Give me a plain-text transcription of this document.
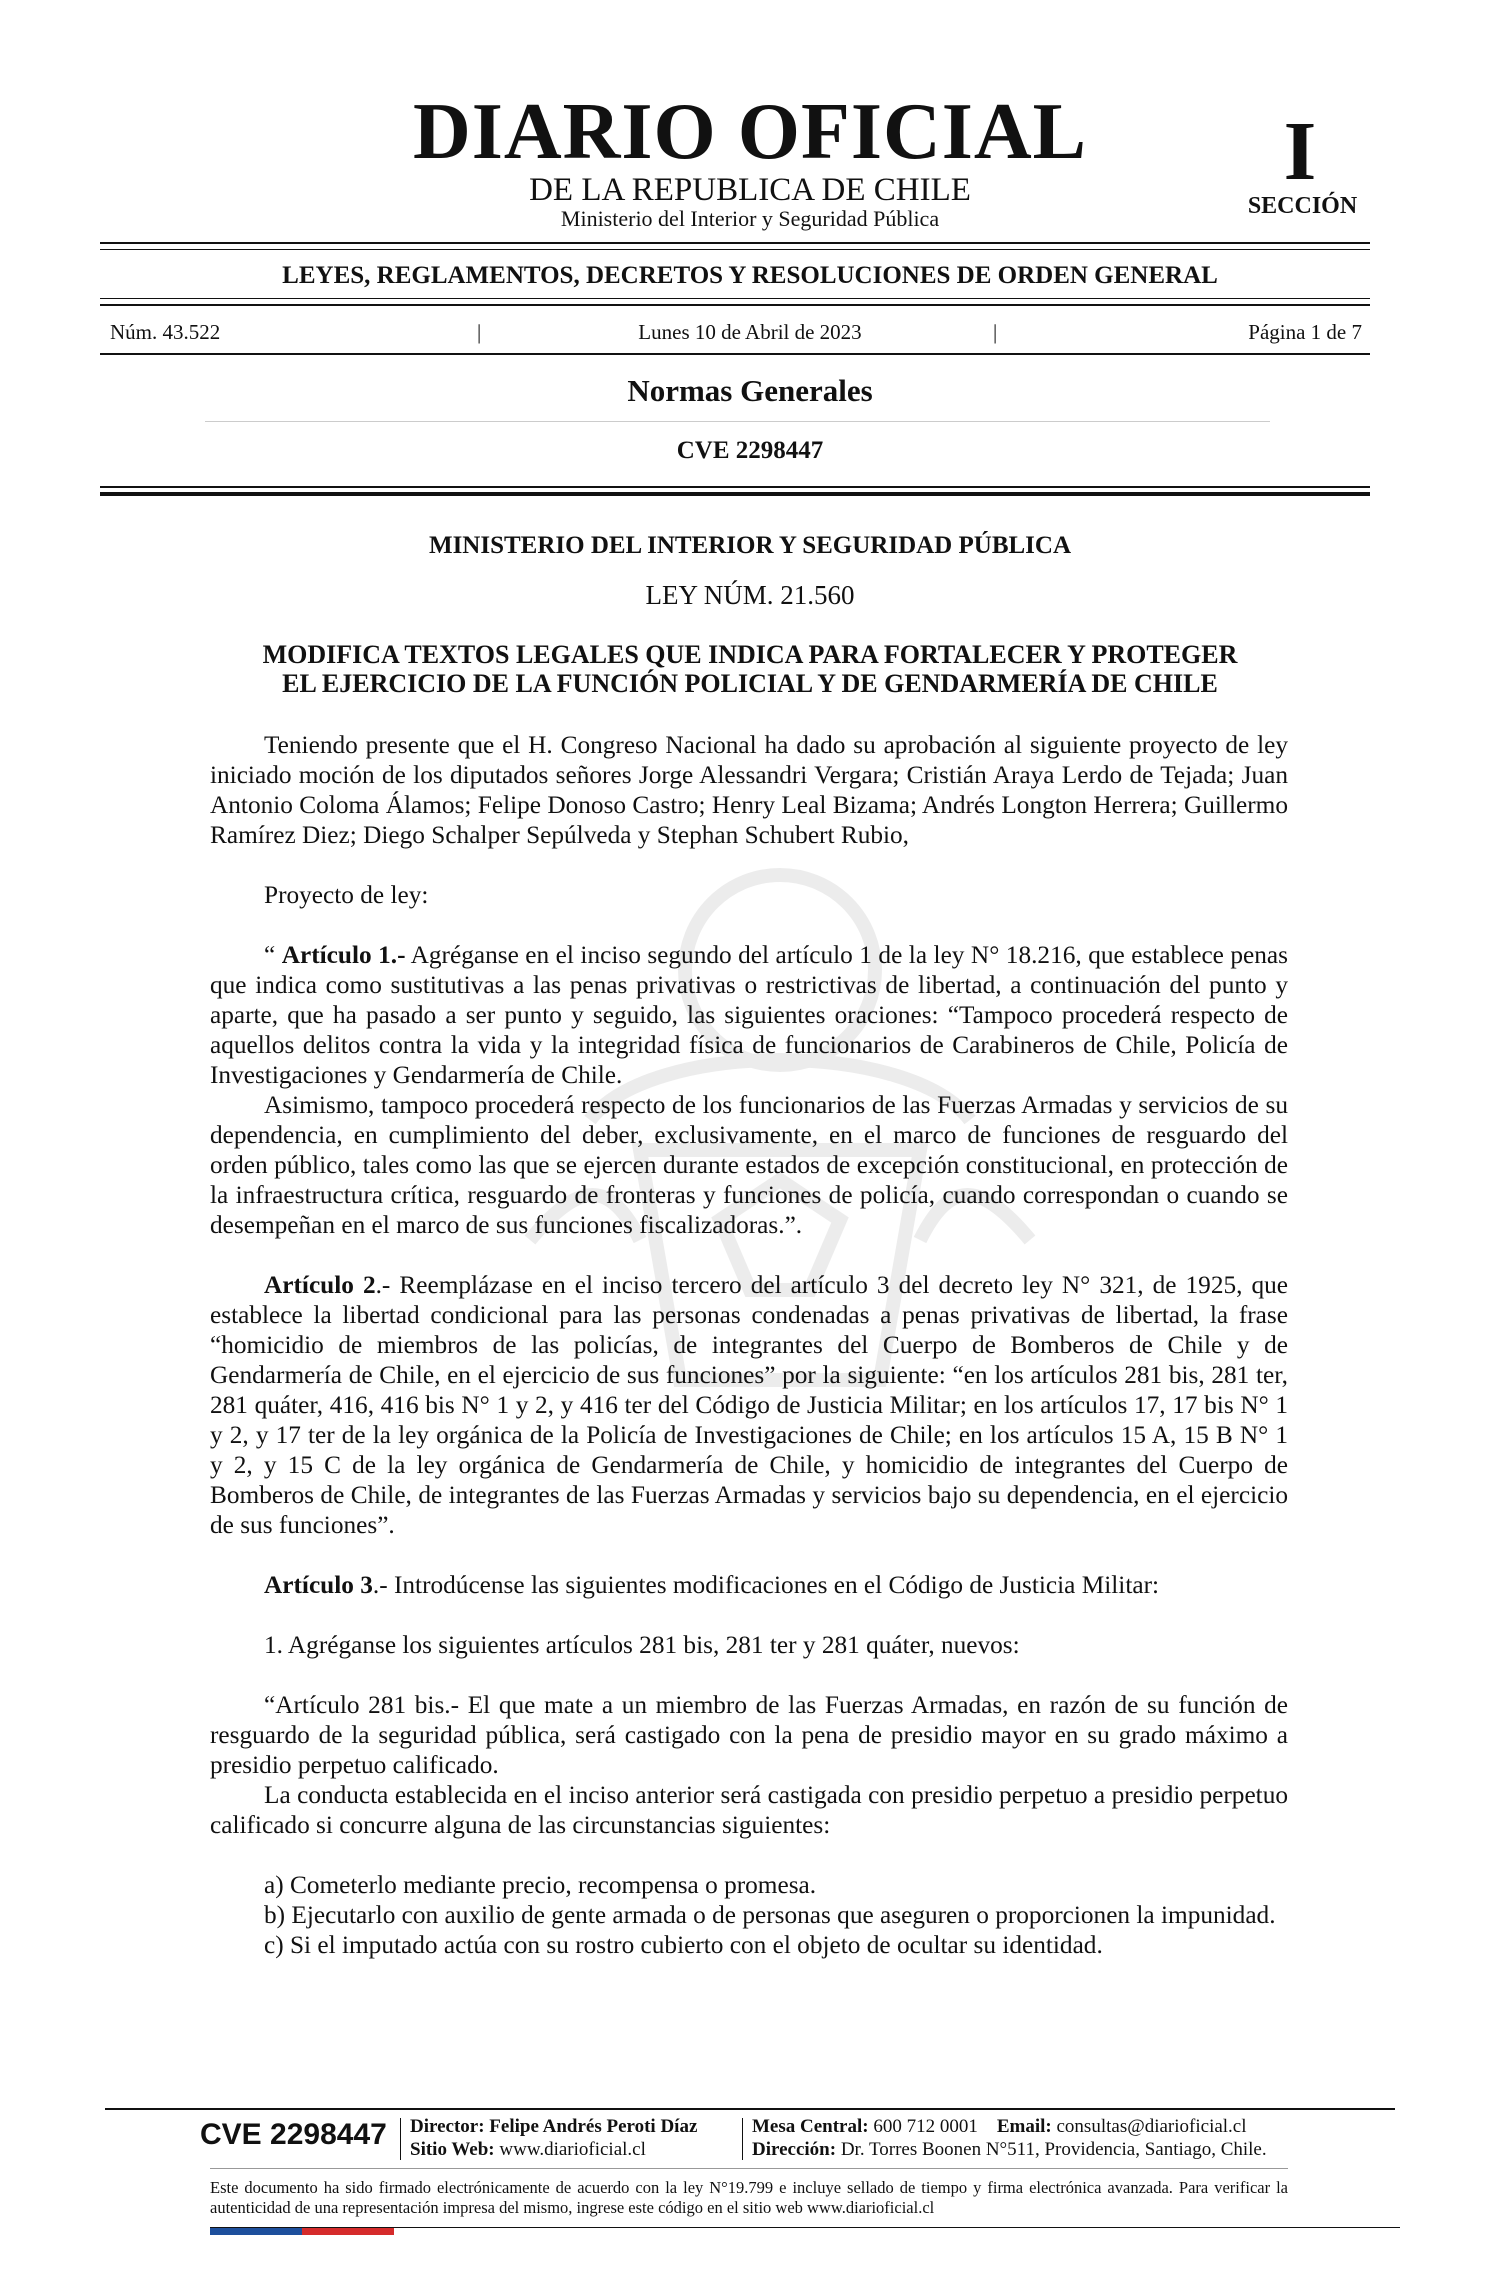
DIARIO OFICIAL
DE LA REPUBLICA DE CHILE
Ministerio del Interior y Seguridad Pública
I
SECCIÓN
LEYES, REGLAMENTOS, DECRETOS Y RESOLUCIONES DE ORDEN GENERAL
Núm. 43.522	|	Lunes 10 de Abril de 2023	|	Página 1 de 7
Normas Generales
CVE 2298447
MINISTERIO DEL INTERIOR Y SEGURIDAD PÚBLICA
LEY NÚM. 21.560
MODIFICA TEXTOS LEGALES QUE INDICA PARA FORTALECER Y PROTEGER
EL EJERCICIO DE LA FUNCIÓN POLICIAL Y DE GENDARMERÍA DE CHILE

Teniendo presente que el H. Congreso Nacional ha dado su aprobación al siguiente proyecto de ley iniciado moción de los diputados señores Jorge Alessandri Vergara; Cristián Araya Lerdo de Tejada; Juan Antonio Coloma Álamos; Felipe Donoso Castro; Henry Leal Bizama; Andrés Longton Herrera; Guillermo Ramírez Diez; Diego Schalper Sepúlveda y Stephan Schubert Rubio,

Proyecto de ley:

“ Artículo 1.- Agréganse en el inciso segundo del artículo 1 de la ley N° 18.216, que establece penas que indica como sustitutivas a las penas privativas o restrictivas de libertad, a continuación del punto y aparte, que ha pasado a ser punto y seguido, las siguientes oraciones: “Tampoco procederá respecto de aquellos delitos contra la vida y la integridad física de funcionarios de Carabineros de Chile, Policía de Investigaciones y Gendarmería de Chile.

Asimismo, tampoco procederá respecto de los funcionarios de las Fuerzas Armadas y servicios de su dependencia, en cumplimiento del deber, exclusivamente, en el marco de funciones de resguardo del orden público, tales como las que se ejercen durante estados de excepción constitucional, en protección de la infraestructura crítica, resguardo de fronteras y funciones de policía, cuando correspondan o cuando se desempeñan en el marco de sus funciones fiscalizadoras.”.

Artículo 2.- Reemplázase en el inciso tercero del artículo 3 del decreto ley N° 321, de 1925, que establece la libertad condicional para las personas condenadas a penas privativas de libertad, la frase “homicidio de miembros de las policías, de integrantes del Cuerpo de Bomberos de Chile y de Gendarmería de Chile, en el ejercicio de sus funciones” por la siguiente: “en los artículos 281 bis, 281 ter, 281 quáter, 416, 416 bis N° 1 y 2, y 416 ter del Código de Justicia Militar; en los artículos 17, 17 bis N° 1 y 2, y 17 ter de la ley orgánica de la Policía de Investigaciones de Chile; en los artículos 15 A, 15 B N° 1 y 2, y 15 C de la ley orgánica de Gendarmería de Chile, y homicidio de integrantes del Cuerpo de Bomberos de Chile, de integrantes de las Fuerzas Armadas y servicios bajo su dependencia, en el ejercicio de sus funciones”.

Artículo 3.- Introdúcense las siguientes modificaciones en el Código de Justicia Militar:

1. Agréganse los siguientes artículos 281 bis, 281 ter y 281 quáter, nuevos:

“Artículo 281 bis.- El que mate a un miembro de las Fuerzas Armadas, en razón de su función de resguardo de la seguridad pública, será castigado con la pena de presidio mayor en su grado máximo a presidio perpetuo calificado.

La conducta establecida en el inciso anterior será castigada con presidio perpetuo a presidio perpetuo calificado si concurre alguna de las circunstancias siguientes:

a) Cometerlo mediante precio, recompensa o promesa.

b) Ejecutarlo con auxilio de gente armada o de personas que aseguren o proporcionen la impunidad.

c) Si el imputado actúa con su rostro cubierto con el objeto de ocultar su identidad.

CVE 2298447 Director: Felipe Andrés Peroti Díaz
Sitio Web: www.diarioficial.cl
Mesa Central: 600 712 0001 Email: consultas@diarioficial.cl
Dirección: Dr. Torres Boonen N°511, Providencia, Santiago, Chile.
Este documento ha sido firmado electrónicamente de acuerdo con la ley N°19.799 e incluye sellado de tiempo y firma electrónica avanzada. Para verificar la autenticidad de una representación impresa del mismo, ingrese este código en el sitio web www.diarioficial.cl
